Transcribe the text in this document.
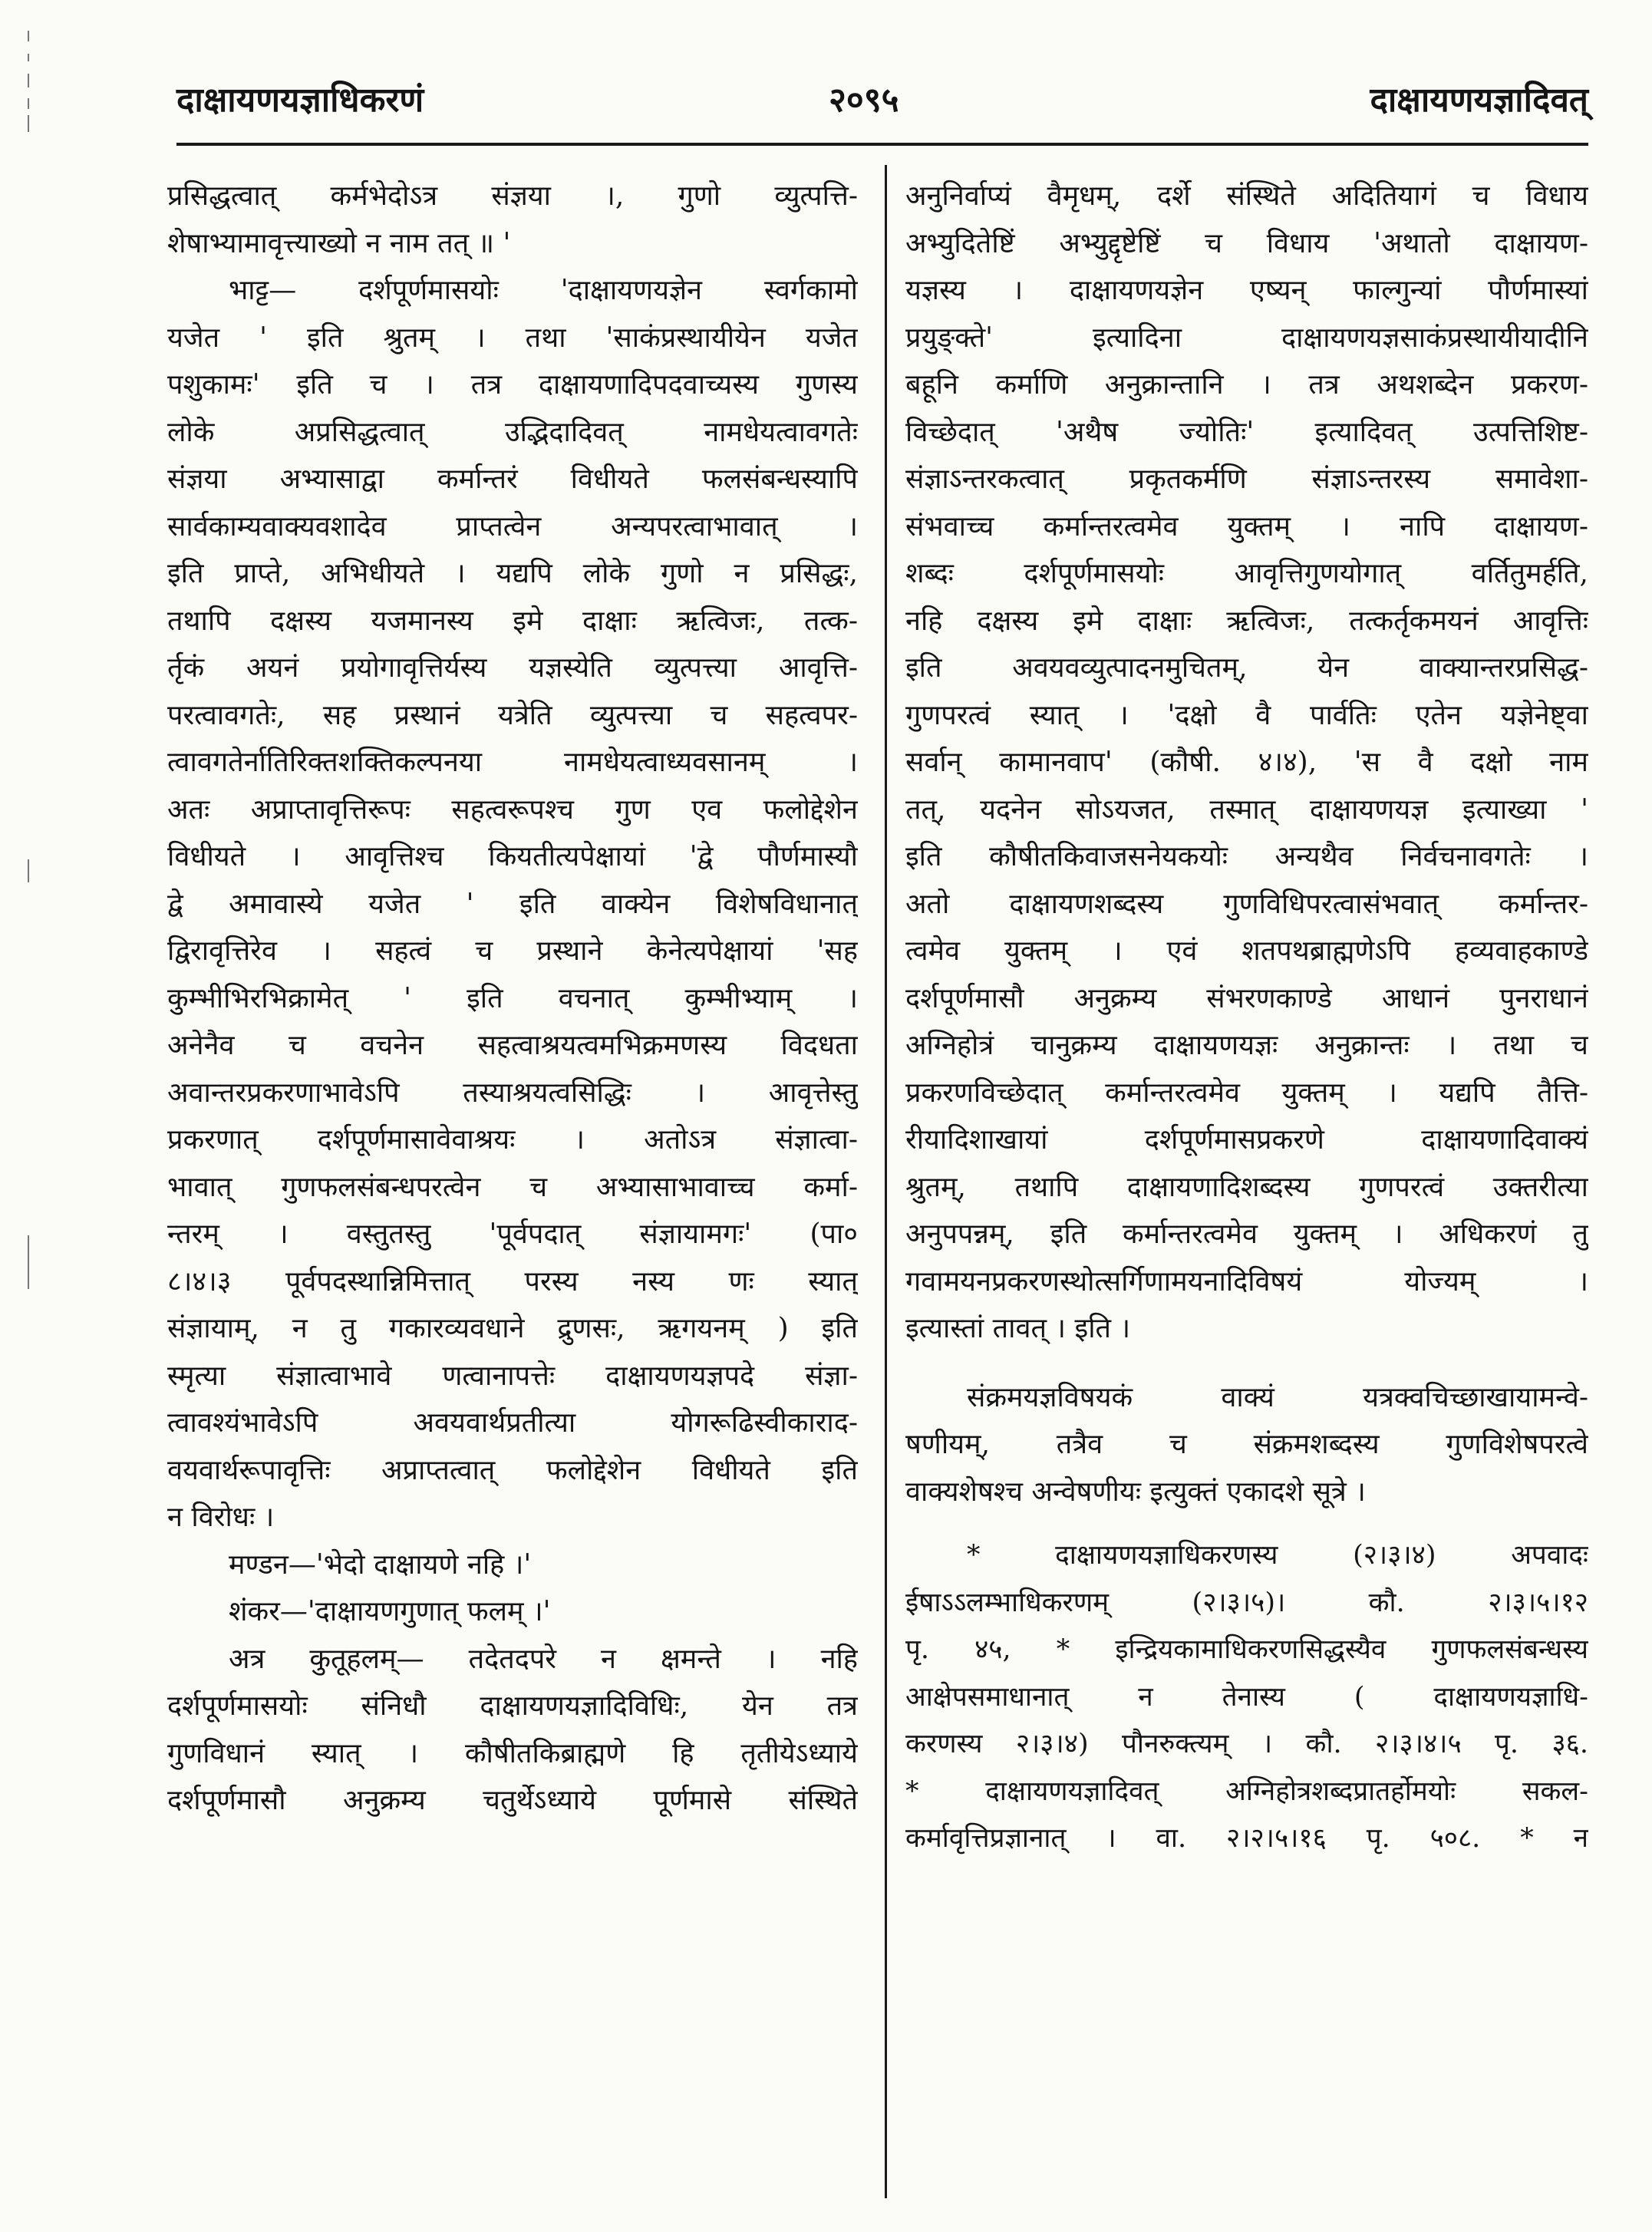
दाक्षायणयज्ञाधिकरणं	२०९५	दाक्षायणयज्ञादिवत्

प्रसिद्धत्वात् कर्मभेदोऽत्र संज्ञया ।, गुणो व्युत्पत्ति-

शेषाभ्यामावृत्त्याख्यो न नाम तत् ॥ '

भाट्ट— दर्शपूर्णमासयोः 'दाक्षायणयज्ञेन स्वर्गकामो

यजेत ' इति श्रुतम् । तथा 'साकंप्रस्थायीयेन यजेत

पशुकामः' इति च । तत्र दाक्षायणादिपदवाच्यस्य गुणस्य

लोके अप्रसिद्धत्वात् उद्भिदादिवत् नामधेयत्वावगतेः

संज्ञया अभ्यासाद्वा कर्मान्तरं विधीयते फलसंबन्धस्यापि

सार्वकाम्यवाक्यवशादेव प्राप्तत्वेन अन्यपरत्वाभावात् ।

इति प्राप्ते, अभिधीयते । यद्यपि लोके गुणो न प्रसिद्धः,

तथापि दक्षस्य यजमानस्य इमे दाक्षाः ऋत्विजः, तत्क-

र्तृकं अयनं प्रयोगावृत्तिर्यस्य यज्ञस्येति व्युत्पत्त्या आवृत्ति-

परत्वावगतेः, सह प्रस्थानं यत्रेति व्युत्पत्त्या च सहत्वपर-

त्वावगतेर्नातिरिक्तशक्तिकल्पनया नामधेयत्वाध्यवसानम् ।

अतः अप्राप्तावृत्तिरूपः सहत्वरूपश्च गुण एव फलोद्देशेन

विधीयते । आवृत्तिश्च कियतीत्यपेक्षायां 'द्वे पौर्णमास्यौ

द्वे अमावास्ये यजेत ' इति वाक्येन विशेषविधानात्

द्विरावृत्तिरेव । सहत्वं च प्रस्थाने केनेत्यपेक्षायां 'सह

कुम्भीभिरभिक्रामेत् ' इति वचनात् कुम्भीभ्याम् ।

अनेनैव च वचनेन सहत्वाश्रयत्वमभिक्रमणस्य विदधता

अवान्तरप्रकरणाभावेऽपि तस्याश्रयत्वसिद्धिः । आवृत्तेस्तु

प्रकरणात् दर्शपूर्णमासावेवाश्रयः । अतोऽत्र संज्ञात्वा-

भावात् गुणफलसंबन्धपरत्वेन च अभ्यासाभावाच्च कर्मा-

न्तरम् । वस्तुतस्तु 'पूर्वपदात् संज्ञायामगः' (पा०

८।४।३ पूर्वपदस्थान्निमित्तात् परस्य नस्य णः स्यात्

संज्ञायाम्, न तु गकारव्यवधाने द्रुणसः, ऋगयनम् ) इति

स्मृत्या संज्ञात्वाभावे णत्वानापत्तेः दाक्षायणयज्ञपदे संज्ञा-

त्वावश्यंभावेऽपि अवयवार्थप्रतीत्या योगरूढिस्वीकाराद-

वयवार्थरूपावृत्तिः अप्राप्तत्वात् फलोद्देशेन विधीयते इति

न विरोधः ।

मण्डन—'भेदो दाक्षायणे नहि ।'

शंकर—'दाक्षायणगुणात् फलम् ।'

अत्र कुतूहलम्— तदेतदपरे न क्षमन्ते । नहि

दर्शपूर्णमासयोः संनिधौ दाक्षायणयज्ञादिविधिः, येन तत्र

गुणविधानं स्यात् । कौषीतकिब्राह्मणे हि तृतीयेऽध्याये

दर्शपूर्णमासौ अनुक्रम्य चतुर्थेऽध्याये पूर्णमासे संस्थिते

अनुनिर्वाप्यं वैमृधम्, दर्शे संस्थिते अदितियागं च विधाय

अभ्युदितेष्टिं अभ्युद्दृष्टेष्टिं च विधाय 'अथातो दाक्षायण-

यज्ञस्य । दाक्षायणयज्ञेन एष्यन् फाल्गुन्यां पौर्णमास्यां

प्रयुङ्क्ते' इत्यादिना दाक्षायणयज्ञसाकंप्रस्थायीयादीनि

बहूनि कर्माणि अनुक्रान्तानि । तत्र अथशब्देन प्रकरण-

विच्छेदात् 'अथैष ज्योतिः' इत्यादिवत् उत्पत्तिशिष्ट-

संज्ञाऽन्तरकत्वात् प्रकृतकर्मणि संज्ञाऽन्तरस्य समावेशा-

संभवाच्च कर्मान्तरत्वमेव युक्तम् । नापि दाक्षायण-

शब्दः दर्शपूर्णमासयोः आवृत्तिगुणयोगात् वर्तितुमर्हति,

नहि दक्षस्य इमे दाक्षाः ऋत्विजः, तत्कर्तृकमयनं आवृत्तिः

इति अवयवव्युत्पादनमुचितम्, येन वाक्यान्तरप्रसिद्ध-

गुणपरत्वं स्यात् । 'दक्षो वै पार्वतिः एतेन यज्ञेनेष्ट्वा

सर्वान् कामानवाप' (कौषी. ४।४), 'स वै दक्षो नाम

तत्, यदनेन सोऽयजत, तस्मात् दाक्षायणयज्ञ इत्याख्या '

इति कौषीतकिवाजसनेयकयोः अन्यथैव निर्वचनावगतेः ।

अतो दाक्षायणशब्दस्य गुणविधिपरत्वासंभवात् कर्मान्तर-

त्वमेव युक्तम् । एवं शतपथब्राह्मणेऽपि हव्यवाहकाण्डे

दर्शपूर्णमासौ अनुक्रम्य संभरणकाण्डे आधानं पुनराधानं

अग्निहोत्रं चानुक्रम्य दाक्षायणयज्ञः अनुक्रान्तः । तथा च

प्रकरणविच्छेदात् कर्मान्तरत्वमेव युक्तम् । यद्यपि तैत्ति-

रीयादिशाखायां दर्शपूर्णमासप्रकरणे दाक्षायणादिवाक्यं

श्रुतम्, तथापि दाक्षायणादिशब्दस्य गुणपरत्वं उक्तरीत्या

अनुपपन्नम्, इति कर्मान्तरत्वमेव युक्तम् । अधिकरणं तु

गवामयनप्रकरणस्थोत्सर्गिणामयनादिविषयं योज्यम् ।

इत्यास्तां तावत् । इति ।

संक्रमयज्ञविषयकं वाक्यं यत्रक्वचिच्छाखायामन्वे-

षणीयम्, तत्रैव च संक्रमशब्दस्य गुणविशेषपरत्वे

वाक्यशेषश्च अन्वेषणीयः इत्युक्तं एकादशे सूत्रे ।

* दाक्षायणयज्ञाधिकरणस्य (२।३।४) अपवादः

ईषाऽऽलम्भाधिकरणम् (२।३।५)। कौ. २।३।५।१२

पृ. ४५, * इन्द्रियकामाधिकरणसिद्धस्यैव गुणफलसंबन्धस्य

आक्षेपसमाधानात् न तेनास्य ( दाक्षायणयज्ञाधि-

करणस्य २।३।४) पौनरुक्त्यम् । कौ. २।३।४।५ पृ. ३६.

* दाक्षायणयज्ञादिवत् अग्निहोत्रशब्दप्रातर्होमयोः सकल-

कर्मावृत्तिप्रज्ञानात् । वा. २।२।५।१६ पृ. ५०८. * न
